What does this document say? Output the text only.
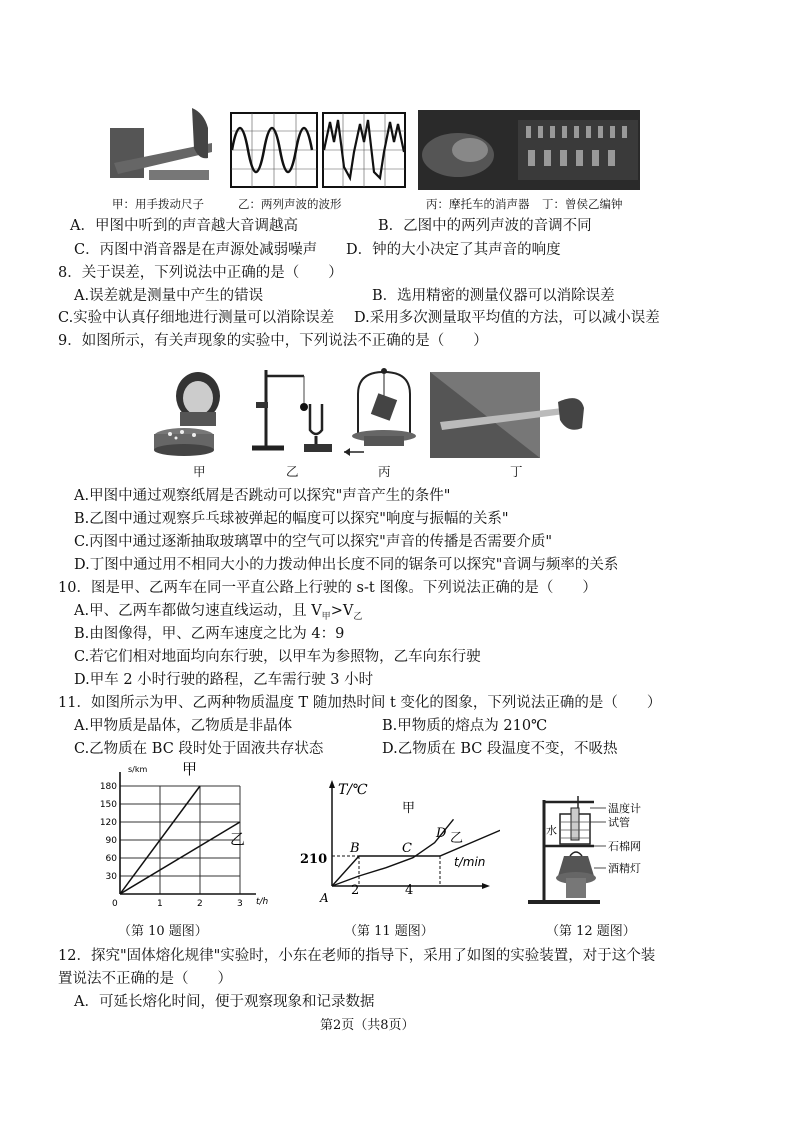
甲：用手拨动尺子	乙：两列声波的波形	丙：摩托车的消声器 丁：曾侯乙编钟
A．甲图中听到的声音越大音调越高	B．乙图中的两列声波的音调不同
C．丙图中消音器是在声源处减弱噪声 D．钟的大小决定了其声音的响度
8．关于误差，下列说法中正确的是（　　）
A.误差就是测量中产生的错误	B．选用精密的测量仪器可以消除误差
C.实验中认真仔细地进行测量可以消除误差 D.采用多次测量取平均值的方法，可以减小误差
9．如图所示，有关声现象的实验中，下列说法不正确的是（　　）
甲	乙	丙	丁
A.甲图中通过观察纸屑是否跳动可以探究"声音产生的条件"
B.乙图中通过观察乒乓球被弹起的幅度可以探究"响度与振幅的关系"
C.丙图中通过逐渐抽取玻璃罩中的空气可以探究"声音的传播是否需要介质"
D.丁图中通过用不相同大小的力拨动伸出长度不同的锯条可以探究"音调与频率的关系
10．图是甲、乙两车在同一平直公路上行驶的 s-t 图像。下列说法正确的是（　　）
A.甲、乙两车都做匀速直线运动，且 $V_甲>V_乙$
B.由图像得，甲、乙两车速度之比为 4：9
C.若它们相对地面均向东行驶，以甲车为参照物，乙车向东行驶
D.甲车 2 小时行驶的路程，乙车需行驶 3 小时
11．如图所示为甲、乙两种物质温度 T 随加热时间 t 变化的图象，下列说法正确的是（　　）
A.甲物质是晶体，乙物质是非晶体	B.甲物质的熔点为 210℃
C.乙物质在 BC 段时处于固液共存状态	D.乙物质在 BC 段温度不变，不吸热
30
60
90
120
150
180
0	1	2	3
s/km
t/h
甲
乙
（第 10 题图）
T/℃
t/min
210
2	4
A
B	C
D
甲
乙
（第 11 题图）
温度计
试管
水
石棉网
酒精灯
（第 12 题图）
12．探究"固体熔化规律"实验时，小东在老师的指导下，采用了如图的实验装置，对于这个装
置说法不正确的是（　　）
A．可延长熔化时间，便于观察现象和记录数据
第2页（共8页）
